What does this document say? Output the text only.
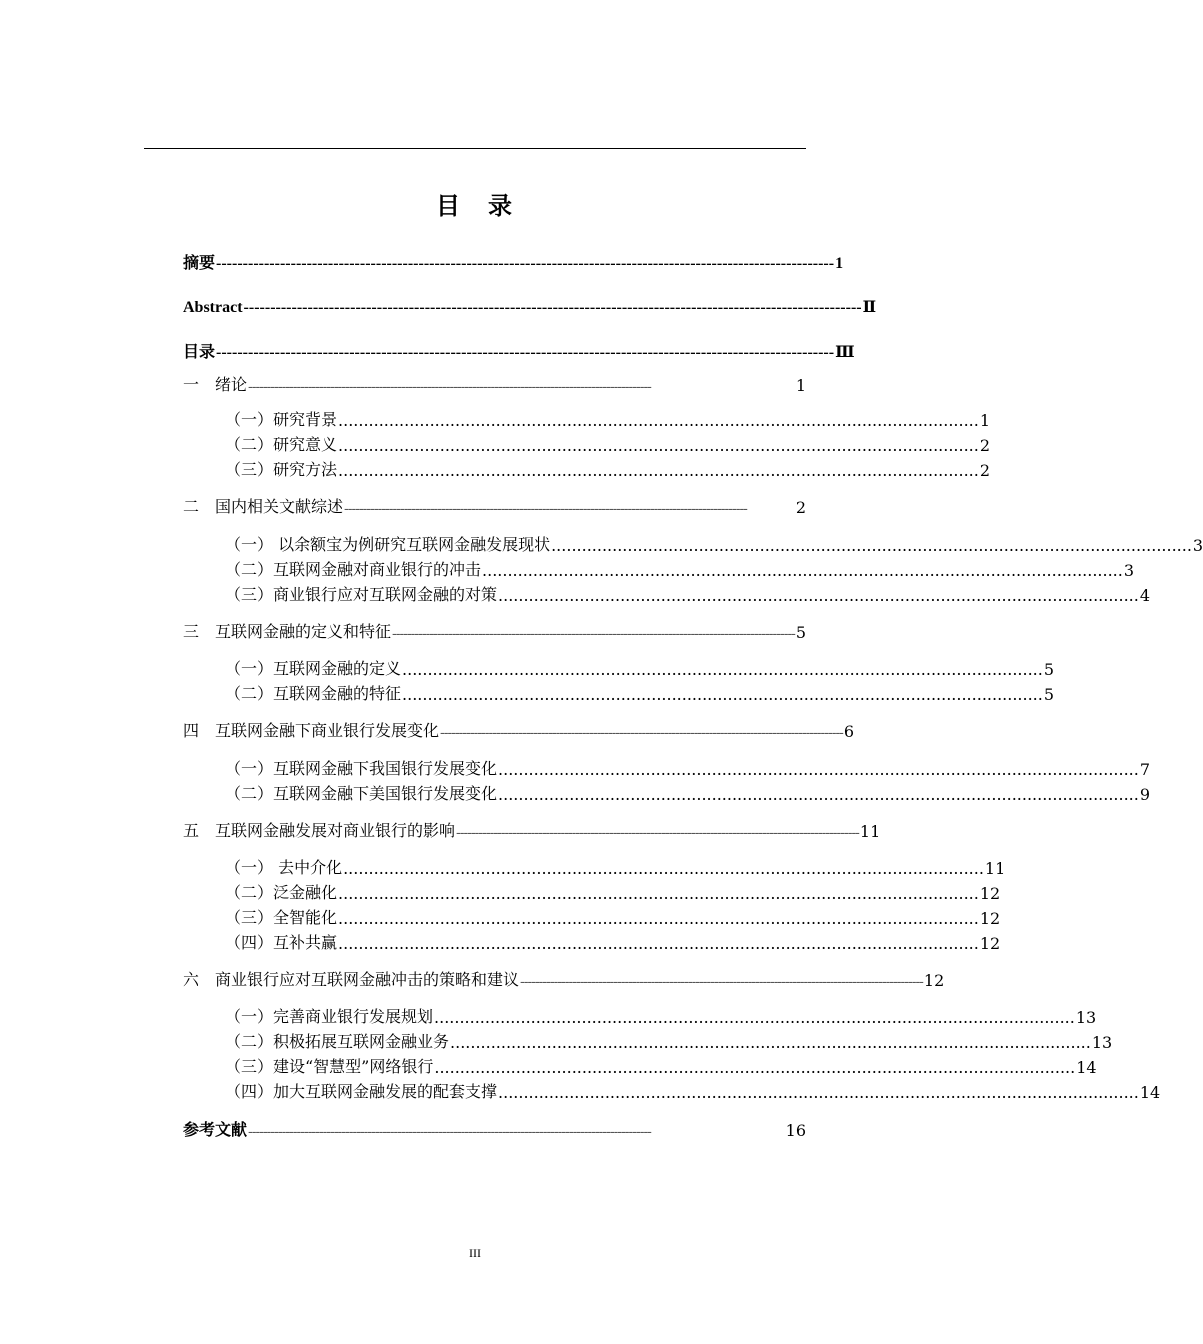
目　录
摘要 -------------------------------------------------------------------------------------------------------------------- 1
Abstract -------------------------------------------------------------------------------------------------------------------- Ⅱ
目录 -------------------------------------------------------------------------------------------------------------------- Ⅲ
一　绪论 ------------------------------------------------------------------------------------------------------------	1
（一）研究背景 .............................................................................................................................. 1
（二）研究意义 .............................................................................................................................. 2
（三）研究方法 .............................................................................................................................. 2
二　国内相关文献综述 ------------------------------------------------------------------------------------------------------------	2
（一） 以余额宝为例研究互联网金融发展现状 .............................................................................................................................. 3
（二）互联网金融对商业银行的冲击 .............................................................................................................................. 3
（三）商业银行应对互联网金融的对策 .............................................................................................................................. 4
三　互联网金融的定义和特征 ------------------------------------------------------------------------------------------------------------ 5
（一）互联网金融的定义 .............................................................................................................................. 5
（二）互联网金融的特征 .............................................................................................................................. 5
四　互联网金融下商业银行发展变化 ------------------------------------------------------------------------------------------------------------ 6
（一）互联网金融下我国银行发展变化 .............................................................................................................................. 7
（二）互联网金融下美国银行发展变化 .............................................................................................................................. 9
五　互联网金融发展对商业银行的影响 ------------------------------------------------------------------------------------------------------------ 11
（一） 去中介化 .............................................................................................................................. 11
（二）泛金融化 .............................................................................................................................. 12
（三）全智能化 .............................................................................................................................. 12
（四）互补共赢 .............................................................................................................................. 12
六　商业银行应对互联网金融冲击的策略和建议 ------------------------------------------------------------------------------------------------------------ 12
（一）完善商业银行发展规划 .............................................................................................................................. 13
（二）积极拓展互联网金融业务 .............................................................................................................................. 13
（三）建设“智慧型”网络银行 .............................................................................................................................. 14
（四）加大互联网金融发展的配套支撑 .............................................................................................................................. 14
参考文献 ------------------------------------------------------------------------------------------------------------	16
III
